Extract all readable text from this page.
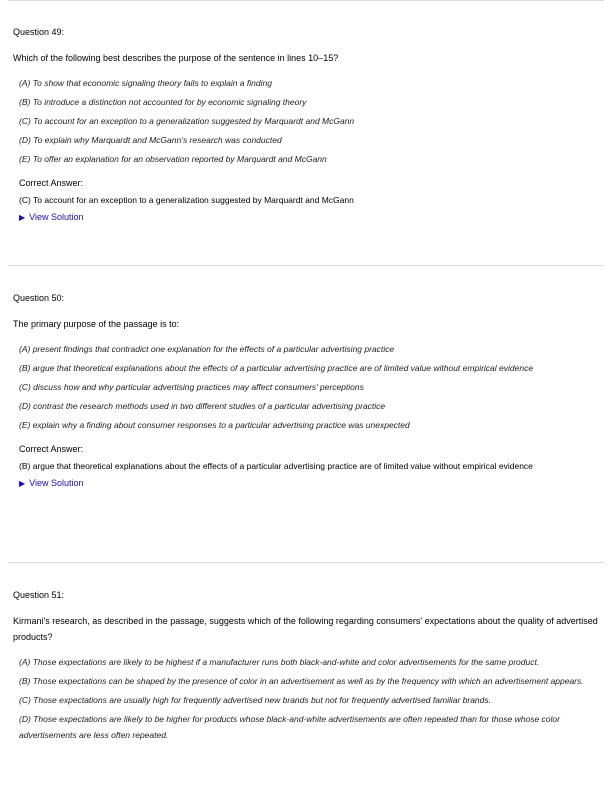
Question 49:

Which of the following best describes the purpose of the sentence in lines 10–15?

(A) To show that economic signaling theory fails to explain a finding
(B) To introduce a distinction not accounted for by economic signaling theory
(C) To account for an exception to a generalization suggested by Marquardt and McGann
(D) To explain why Marquardt and McGann’s research was conducted
(E) To offer an explanation for an observation reported by Marquardt and McGann
Correct Answer:
(C) To account for an exception to a generalization suggested by Marquardt and McGann
▶ View Solution

Question 50:

The primary purpose of the passage is to:

(A) present findings that contradict one explanation for the effects of a particular advertising practice
(B) argue that theoretical explanations about the effects of a particular advertising practice are of limited value without empirical evidence
(C) discuss how and why particular advertising practices may affect consumers’ perceptions
(D) contrast the research methods used in two different studies of a particular advertising practice
(E) explain why a finding about consumer responses to a particular advertising practice was unexpected
Correct Answer:
(B) argue that theoretical explanations about the effects of a particular advertising practice are of limited value without empirical evidence
▶ View Solution

Question 51:

Kirmani's research, as described in the passage, suggests which of the following regarding consumers' expectations about the quality of advertised products?

(A) Those expectations are likely to be highest if a manufacturer runs both black-and-white and color advertisements for the same product.
(B) Those expectations can be shaped by the presence of color in an advertisement as well as by the frequency with which an advertisement appears.
(C) Those expectations are usually high for frequently advertised new brands but not for frequently advertised familiar brands.
(D) Those expectations are likely to be higher for products whose black-and-white advertisements are often repeated than for those whose color advertisements are less often repeated.
